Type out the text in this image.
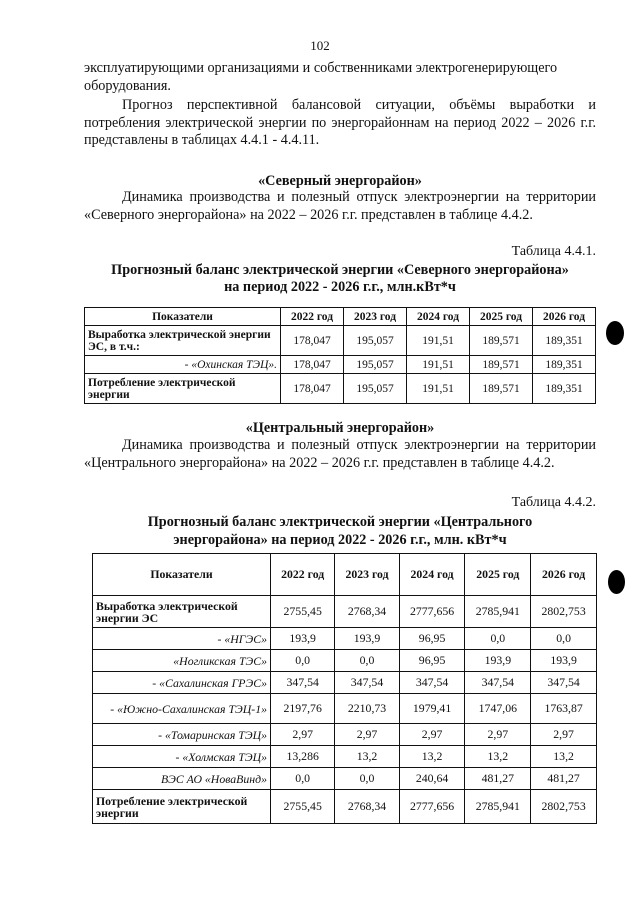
102

эксплуатирующими организациями и собственниками электрогенерирующего

оборудования.

Прогноз перспективной балансовой ситуации, объёмы выработки и потребления электрической энергии по энергорайоннам на период 2022 – 2026 г.г. представлены в таблицах 4.4.1 - 4.4.11.

«Северный энергорайон»

Динамика производства и полезный отпуск электроэнергии на территории «Северного энергорайона» на 2022 – 2026 г.г. представлен в таблице 4.4.2.

Таблица 4.4.1.

Прогнозный баланс электрической энергии «Северного энергорайона»

на период 2022 - 2026 г.г., млн.кВт*ч

Показатели	2022 год	2023 год	2024 год	2025 год	2026 год
Выработка электрической энергии ЭС, в т.ч.:	178,047	195,057	191,51	189,571	189,351
- «Охинская ТЭЦ».	178,047	195,057	191,51	189,571	189,351
Потребление электрической энергии	178,047	195,057	191,51	189,571	189,351

«Центральный энергорайон»

Динамика производства и полезный отпуск электроэнергии на территории «Центрального энергорайона» на 2022 – 2026 г.г. представлен в таблице 4.4.2.

Таблица 4.4.2.

Прогнозный баланс электрической энергии «Центрального

энергорайона» на период 2022 - 2026 г.г., млн. кВт*ч

Показатели	2022 год	2023 год	2024 год	2025 год	2026 год
Выработка электрической энергии ЭС	2755,45	2768,34	2777,656	2785,941	2802,753
- «НГЭС»	193,9	193,9	96,95	0,0	0,0
«Ногликская ТЭС»	0,0	0,0	96,95	193,9	193,9
- «Сахалинская ГРЭС»	347,54	347,54	347,54	347,54	347,54
- «Южно-Сахалинская ТЭЦ-1»	2197,76	2210,73	1979,41	1747,06	1763,87
- «Томаринская ТЭЦ»	2,97	2,97	2,97	2,97	2,97
- «Холмская ТЭЦ»	13,286	13,2	13,2	13,2	13,2
ВЭС АО «НоваВинд»	0,0	0,0	240,64	481,27	481,27
Потребление электрической энергии	2755,45	2768,34	2777,656	2785,941	2802,753
